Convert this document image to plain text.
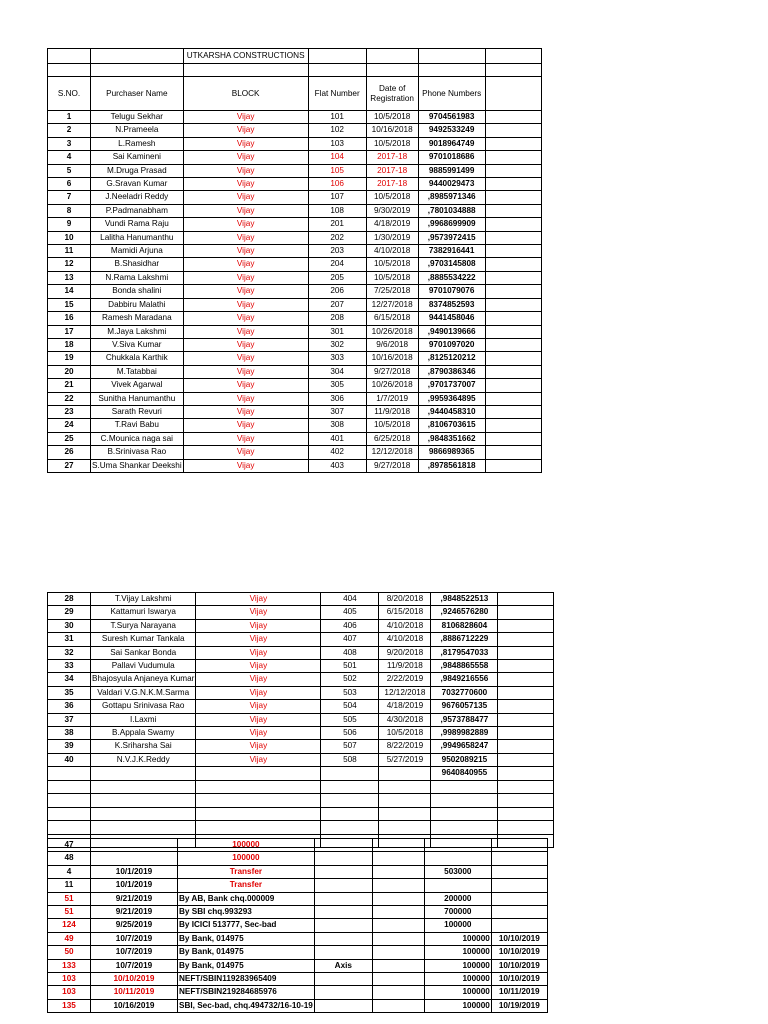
		UTKARSHA CONSTRUCTIONS				

S.NO.	Purchaser Name	BLOCK	Flat Number	Date of Registration	Phone Numbers	
1	Telugu Sekhar	Vijay	101	10/5/2018	9704561983	
2	N.Prameela	Vijay	102	10/16/2018	9492533249	
3	L.Ramesh	Vijay	103	10/5/2018	9018964749	
4	Sai Kamineni	Vijay	104	2017-18	9701018686	
5	M.Druga Prasad	Vijay	105	2017-18	9885991499	
6	G.Sravan Kumar	Vijay	106	2017-18	9440029473	
7	J.Neeladri Reddy	Vijay	107	10/5/2018	,8985971346	
8	P.Padmanabham	Vijay	108	9/30/2019	,7801034888	
9	Vundi Rama Raju	Vijay	201	4/18/2019	,9968699909	
10	Lalitha Hanumanthu	Vijay	202	1/30/2019	,9573972415	
11	Mamidi Arjuna	Vijay	203	4/10/2018	7382916441	
12	B.Shasidhar	Vijay	204	10/5/2018	,9703145808	
13	N.Rama Lakshmi	Vijay	205	10/5/2018	,8885534222	
14	Bonda shalini	Vijay	206	7/25/2018	9701079076	
15	Dabbiru Malathi	Vijay	207	12/27/2018	8374852593	
16	Ramesh Maradana	Vijay	208	6/15/2018	9441458046	
17	M.Jaya Lakshmi	Vijay	301	10/26/2018	,9490139666	
18	V.Siva Kumar	Vijay	302	9/6/2018	9701097020	
19	Chukkala Karthik	Vijay	303	10/16/2018	,8125120212	
20	M.Tatabbai	Vijay	304	9/27/2018	,8790386346	
21	Vivek Agarwal	Vijay	305	10/26/2018	,9701737007	
22	Sunitha Hanumanthu	Vijay	306	1/7/2019	,9959364895	
23	Sarath Revuri	Vijay	307	11/9/2018	,9440458310	
24	T.Ravi Babu	Vijay	308	10/5/2018	,8106703615	
25	C.Mounica naga sai	Vijay	401	6/25/2018	,9848351662	
26	B.Srinivasa Rao	Vijay	402	12/12/2018	9866989365	
27	S.Uma Shankar Deekshi	Vijay	403	9/27/2018	,8978561818	
28	T.Vijay Lakshmi	Vijay	404	8/20/2018	,9848522513	
29	Kattamuri Iswarya	Vijay	405	6/15/2018	,9246576280	
30	T.Surya Narayana	Vijay	406	4/10/2018	8106828604	
31	Suresh Kumar Tankala	Vijay	407	4/10/2018	,8886712229	
32	Sai Sankar Bonda	Vijay	408	9/20/2018	,8179547033	
33	Pallavi Vudumula	Vijay	501	11/9/2018	,9848865558	
34	Bhajosyula Anjaneya Kumar	Vijay	502	2/22/2019	,9849216556	
35	Valdari V.G.N.K.M.Sarma	Vijay	503	12/12/2018	7032770600	
36	Gottapu Srinivasa Rao	Vijay	504	4/18/2019	9676057135	
37	I.Laxmi	Vijay	505	4/30/2018	,9573788477	
38	B.Appala Swamy	Vijay	506	10/5/2018	,9989982889	
39	K.Sriharsha Sai	Vijay	507	8/22/2019	,9949658247	
40	N.V.J.K.Reddy	Vijay	508	5/27/2019	9502089215	
					9640840955	

47		100000				
48		100000				
4	10/1/2019	Transfer			503000	
11	10/1/2019	Transfer				
51	9/21/2019	By AB, Bank chq.000009			200000	
51	9/21/2019	By SBI chq.993293			700000	
124	9/25/2019	By ICICI 513777, Sec-bad			100000	
49	10/7/2019	By Bank, 014975			100000	10/10/2019
50	10/7/2019	By Bank, 014975			100000	10/10/2019
133	10/7/2019	By Bank, 014975	Axis		100000	10/10/2019
103	10/10/2019	NEFT/SBIN119283965409			100000	10/10/2019
103	10/11/2019	NEFT/SBIN219284685976			100000	10/11/2019
135	10/16/2019	SBI, Sec-bad, chq.494732/16-10-19			100000	10/19/2019
